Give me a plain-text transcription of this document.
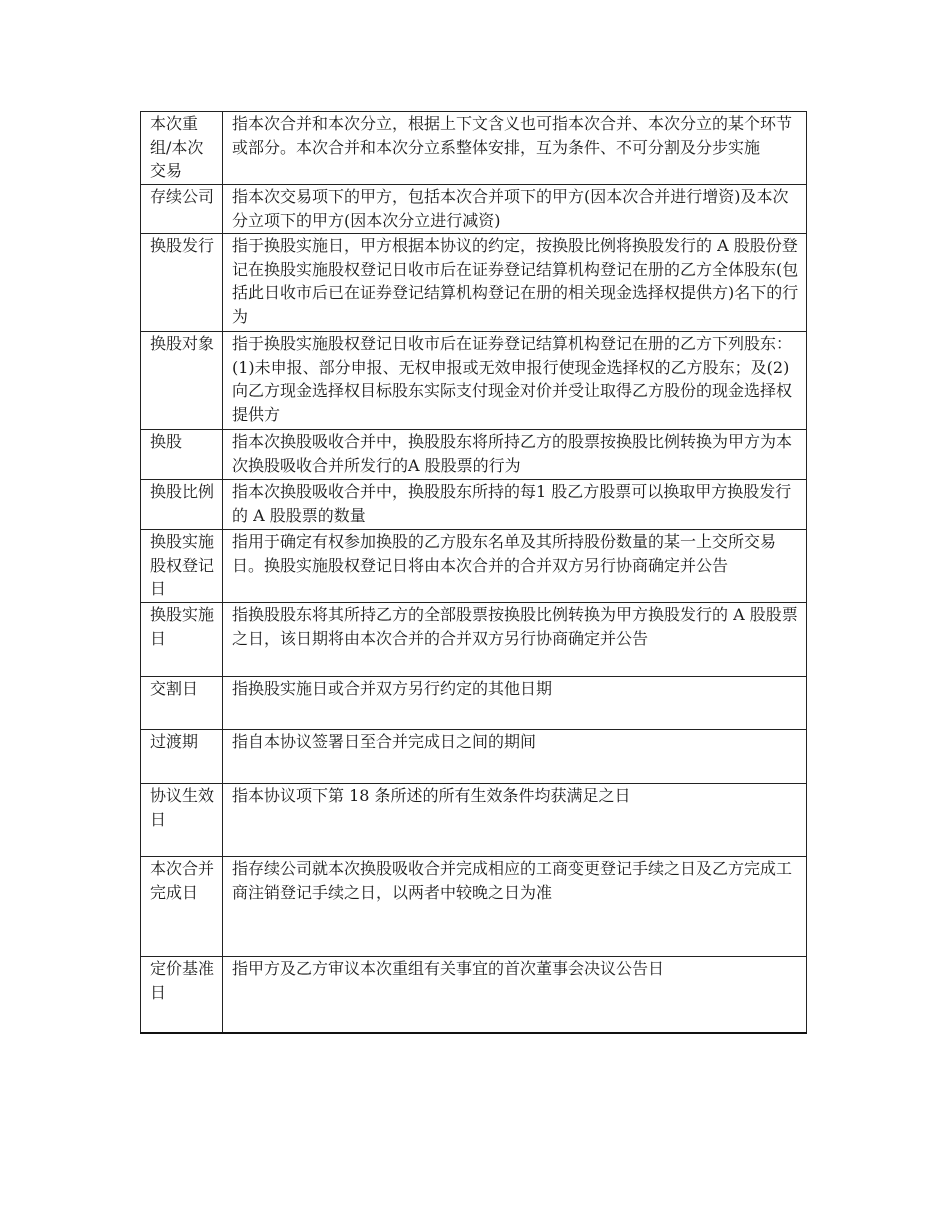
本次重组/本次交易	指本次合并和本次分立，根据上下文含义也可指本次合并、本次分立的某个环节或部分。本次合并和本次分立系整体安排，互为条件、不可分割及分步实施
存续公司	指本次交易项下的甲方，包括本次合并项下的甲方(因本次合并进行增资)及本次分立项下的甲方(因本次分立进行减资)
换股发行	指于换股实施日，甲方根据本协议的约定，按换股比例将换股发行的 A 股股份登记在换股实施股权登记日收市后在证券登记结算机构登记在册的乙方全体股东(包括此日收市后已在证券登记结算机构登记在册的相关现金选择权提供方)名下的行为
换股对象	指于换股实施股权登记日收市后在证券登记结算机构登记在册的乙方下列股东：(1)未申报、部分申报、无权申报或无效申报行使现金选择权的乙方股东；及(2)向乙方现金选择权目标股东实际支付现金对价并受让取得乙方股份的现金选择权提供方
换股	指本次换股吸收合并中，换股股东将所持乙方的股票按换股比例转换为甲方为本次换股吸收合并所发行的A 股股票的行为
换股比例	指本次换股吸收合并中，换股股东所持的每1 股乙方股票可以换取甲方换股发行的 A 股股票的数量
换股实施股权登记日	指用于确定有权参加换股的乙方股东名单及其所持股份数量的某一上交所交易日。换股实施股权登记日将由本次合并的合并双方另行协商确定并公告
换股实施日	指换股股东将其所持乙方的全部股票按换股比例转换为甲方换股发行的 A 股股票之日，该日期将由本次合并的合并双方另行协商确定并公告
交割日	指换股实施日或合并双方另行约定的其他日期
过渡期	指自本协议签署日至合并完成日之间的期间
协议生效日	指本协议项下第 18 条所述的所有生效条件均获满足之日
本次合并完成日	指存续公司就本次换股吸收合并完成相应的工商变更登记手续之日及乙方完成工商注销登记手续之日，以两者中较晚之日为准
定价基准日	指甲方及乙方审议本次重组有关事宜的首次董事会决议公告日
